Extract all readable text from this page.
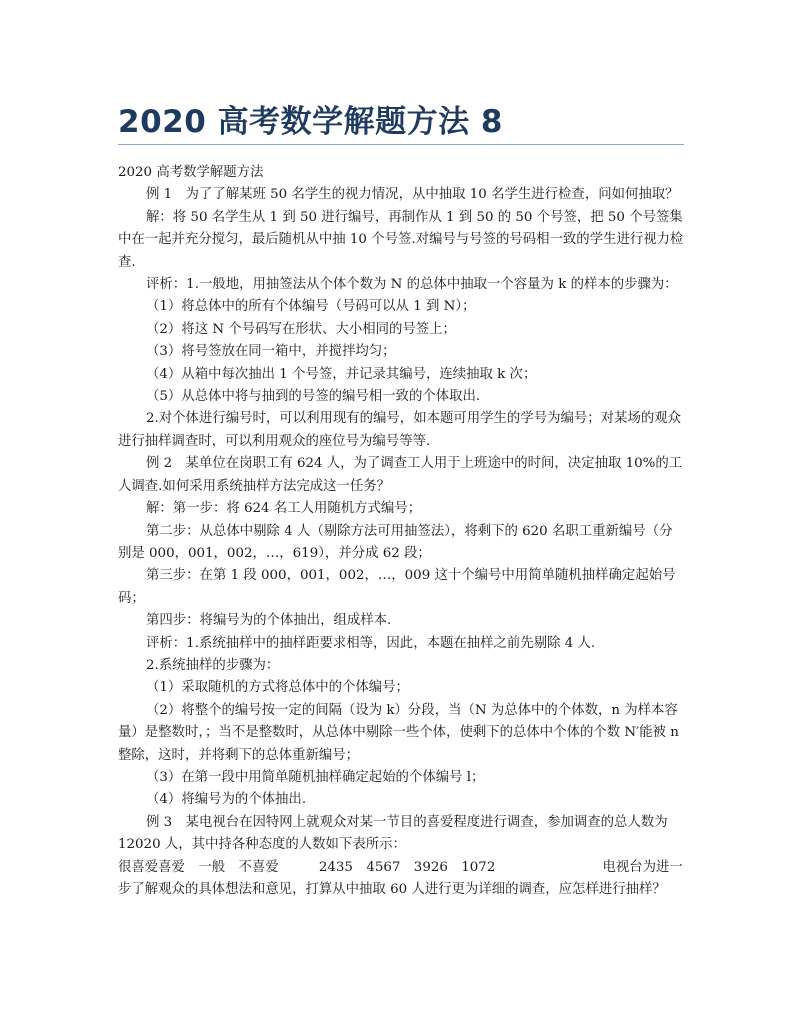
2020 高考数学解题方法 8

2020 高考数学解题方法

例 1　为了了解某班 50 名学生的视力情况，从中抽取 10 名学生进行检查，问如何抽取？

解：将 50 名学生从 1 到 50 进行编号，再制作从 1 到 50 的 50 个号签，把 50 个号签集中在一起并充分搅匀，最后随机从中抽 10 个号签.对编号与号签的号码相一致的学生进行视力检查.

评析：1.一般地，用抽签法从个体个数为 N 的总体中抽取一个容量为 k 的样本的步骤为：

（1）将总体中的所有个体编号（号码可以从 1 到 N）；

（2）将这 N 个号码写在形状、大小相同的号签上；

（3）将号签放在同一箱中，并搅拌均匀；

（4）从箱中每次抽出 1 个号签，并记录其编号，连续抽取 k 次；

（5）从总体中将与抽到的号签的编号相一致的个体取出.

2.对个体进行编号时，可以利用现有的编号，如本题可用学生的学号为编号；对某场的观众进行抽样调查时，可以利用观众的座位号为编号等等.

例 2　某单位在岗职工有 624 人，为了调查工人用于上班途中的时间，决定抽取 10%的工人调查.如何采用系统抽样方法完成这一任务？

解：第一步：将 624 名工人用随机方式编号；

第二步：从总体中剔除 4 人（剔除方法可用抽签法），将剩下的 620 名职工重新编号（分别是 000，001，002，…，619），并分成 62 段；

第三步：在第 1 段 000，001，002，…，009 这十个编号中用简单随机抽样确定起始号码；

第四步：将编号为的个体抽出，组成样本.

评析：1.系统抽样中的抽样距要求相等，因此，本题在抽样之前先剔除 4 人.

2.系统抽样的步骤为：

（1）采取随机的方式将总体中的个体编号；

（2）将整个的编号按一定的间隔（设为 k）分段，当（N 为总体中的个体数，n 为样本容量）是整数时，；当不是整数时，从总体中剔除一些个体，使剩下的总体中个体的个数 N′能被 n 整除，这时，并将剩下的总体重新编号；

（3）在第一段中用简单随机抽样确定起始的个体编号 l；

（4）将编号为的个体抽出.

例 3　某电视台在因特网上就观众对某一节目的喜爱程度进行调查，参加调查的总人数为 12020 人，其中持各种态度的人数如下表所示：

很喜爱喜爱　一般　不喜爱　　　2435　4567　3926　1072　　　　　　　　电视台为进一步了解观众的具体想法和意见，打算从中抽取 60 人进行更为详细的调查，应怎样进行抽样？
